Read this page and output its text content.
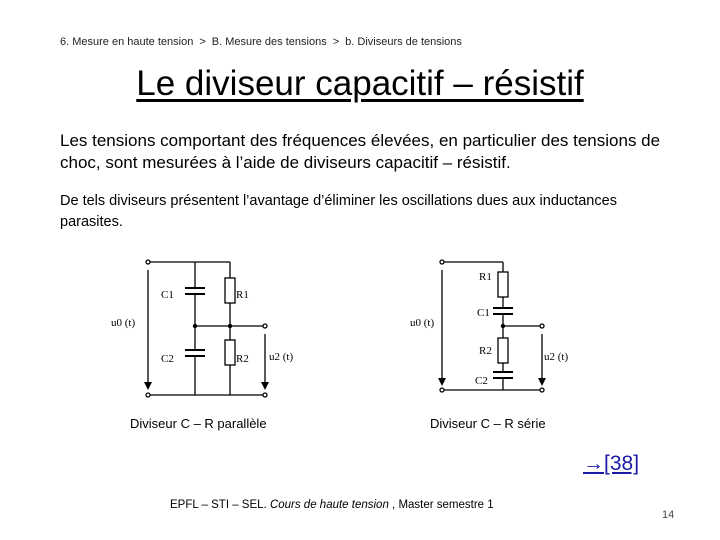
6. Mesure en haute tension > B. Mesure des tensions > b. Diviseurs de tensions
Le diviseur capacitif – résistif
Les tensions comportant des fréquences élevées, en particulier des tensions de choc, sont mesurées à l’aide de diviseurs capacitif – résistif.
De tels diviseurs présentent l’avantage d’éliminer les oscillations dues aux inductances parasites.
C1	R1
C2	R2
u0 (t)
u2 (t)
R1
C1
R2
C2
u0 (t)
u2 (t)
Diviseur C – R parallèle	Diviseur C – R série
→[38]
EPFL – STI – SEL. Cours de haute tension , Master semestre 1
14
